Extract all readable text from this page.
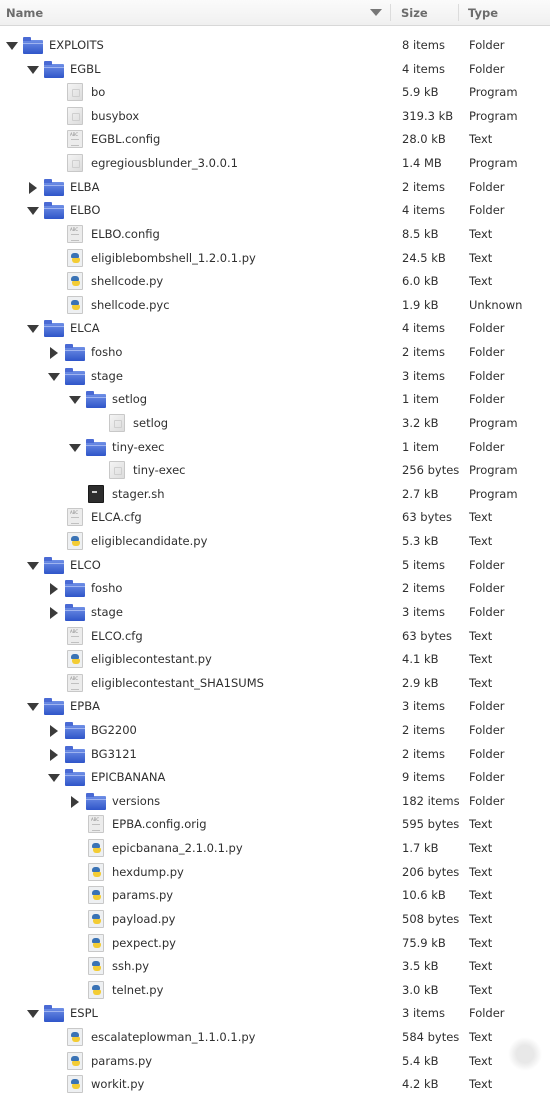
Name	Size	Type
EXPLOITS	8 items Folder
EGBL	4 items Folder
bo	5.9 kB	Program
busybox	319.3 kB Program
ABC
EGBL.config	28.0 kB Text
egregiousblunder_3.0.0.1	1.4 MB Program
ELBA	2 items Folder
ELBO	4 items Folder
ABC
ELBO.config	8.5 kB	Text
eligiblebombshell_1.2.0.1.py	24.5 kB Text
shellcode.py	6.0 kB	Text
shellcode.pyc	1.9 kB	Unknown
ELCA	4 items Folder
fosho	2 items Folder
stage	3 items Folder
setlog	1 item	Folder
setlog	3.2 kB	Program
tiny-exec	1 item	Folder
tiny-exec	256 bytes Program
stager.sh	2.7 kB	Program
ABC
ELCA.cfg	63 bytes Text
eligiblecandidate.py	5.3 kB	Text
ELCO	5 items Folder
fosho	2 items Folder
stage	3 items Folder
ABC
ELCO.cfg	63 bytes Text
eligiblecontestant.py	4.1 kB	Text
ABC
eligiblecontestant_SHA1SUMS	2.9 kB	Text
EPBA	3 items Folder
BG2200	2 items Folder
BG3121	2 items Folder
EPICBANANA	9 items Folder
versions	182 items Folder
ABC
EPBA.config.orig	595 bytes Text
epicbanana_2.1.0.1.py	1.7 kB	Text
hexdump.py	206 bytes Text
params.py	10.6 kB Text
payload.py	508 bytes Text
pexpect.py	75.9 kB Text
ssh.py	3.5 kB	Text
telnet.py	3.0 kB	Text
ESPL	3 items Folder
escalateplowman_1.1.0.1.py	584 bytes Text
params.py	5.4 kB	Text
workit.py	4.2 kB	Text
